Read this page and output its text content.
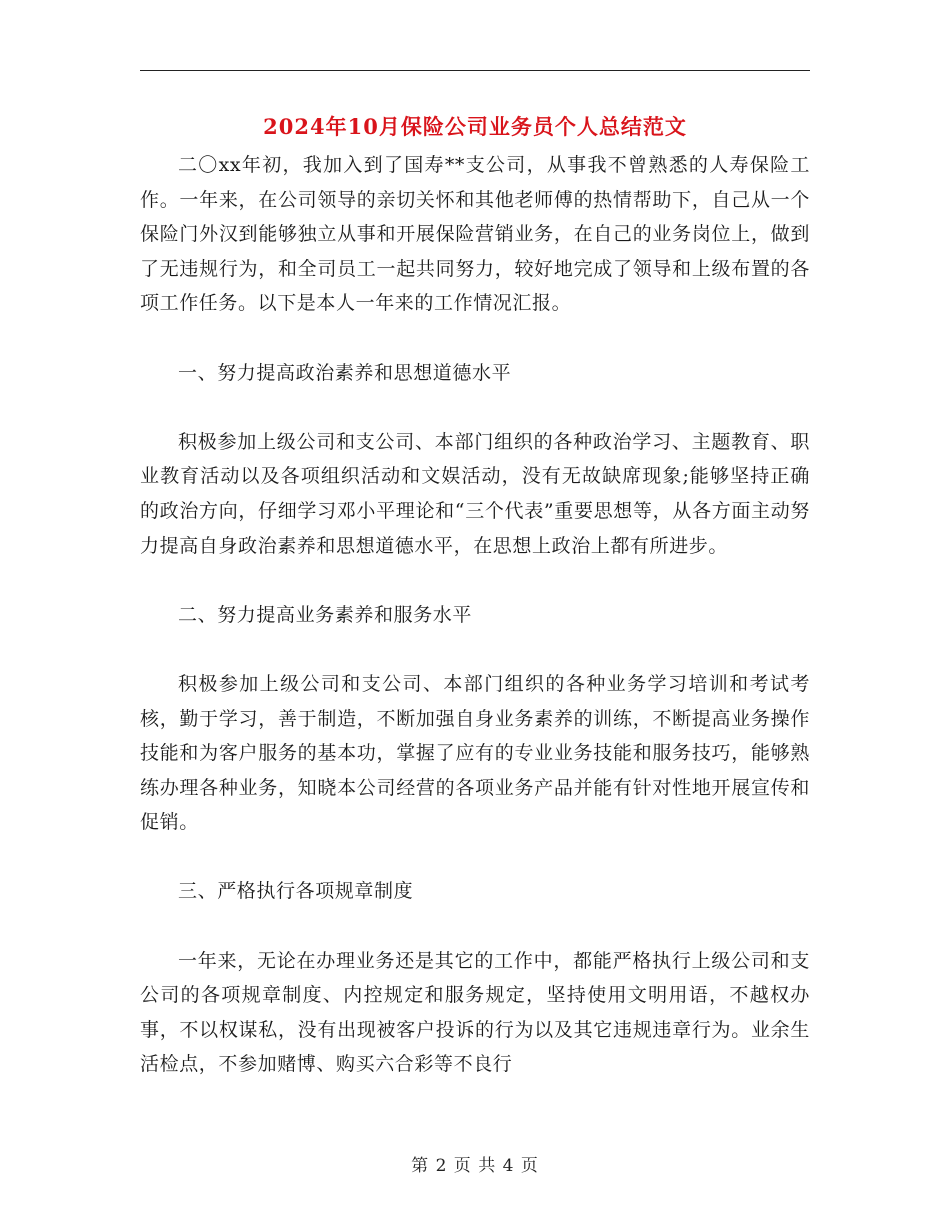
2024年10月保险公司业务员个人总结范文

二〇xx年初，我加入到了国寿**支公司，从事我不曾熟悉的人寿保险工作。一年来，在公司领导的亲切关怀和其他老师傅的热情帮助下，自己从一个保险门外汉到能够独立从事和开展保险营销业务，在自己的业务岗位上，做到了无违规行为，和全司员工一起共同努力，较好地完成了领导和上级布置的各项工作任务。以下是本人一年来的工作情况汇报。

一、努力提高政治素养和思想道德水平

积极参加上级公司和支公司、本部门组织的各种政治学习、主题教育、职业教育活动以及各项组织活动和文娱活动，没有无故缺席现象;能够坚持正确的政治方向，仔细学习邓小平理论和“三个代表”重要思想等，从各方面主动努力提高自身政治素养和思想道德水平，在思想上政治上都有所进步。

二、努力提高业务素养和服务水平

积极参加上级公司和支公司、本部门组织的各种业务学习培训和考试考核，勤于学习，善于制造，不断加强自身业务素养的训练，不断提高业务操作技能和为客户服务的基本功，掌握了应有的专业业务技能和服务技巧，能够熟练办理各种业务，知晓本公司经营的各项业务产品并能有针对性地开展宣传和促销。

三、严格执行各项规章制度

一年来，无论在办理业务还是其它的工作中，都能严格执行上级公司和支公司的各项规章制度、内控规定和服务规定，坚持使用文明用语，不越权办事，不以权谋私，没有出现被客户投诉的行为以及其它违规违章行为。业余生活检点，不参加赌博、购买六合彩等不良行

第 2 页 共 4 页
